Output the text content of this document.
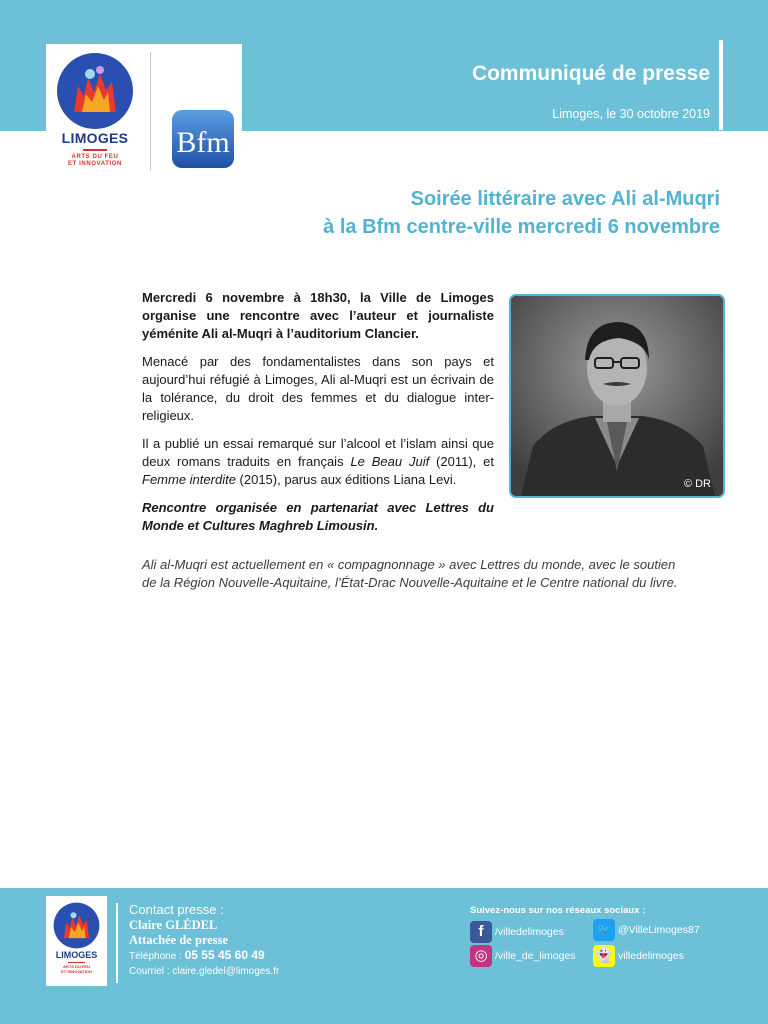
LIMOGES
ARTS DU FEU
ET INNOVATION
Bfm
Communiqué de presse
Limoges, le 30 octobre 2019
Soirée littéraire avec Ali al-Muqri
à la Bfm centre-ville mercredi 6 novembre

Mercredi 6 novembre à 18h30, la Ville de Limoges organise une rencontre avec l’auteur et journaliste yéménite Ali al-Muqri à l’auditorium Clancier.

Menacé par des fondamentalistes dans son pays et aujourd’hui réfugié à Limoges, Ali al-Muqri est un écrivain de la tolérance, du droit des femmes et du dialogue inter-religieux.

Il a publié un essai remarqué sur l’alcool et l’islam ainsi que deux romans traduits en français Le Beau Juif (2011), et Femme interdite (2015), parus aux éditions Liana Levi.

Rencontre organisée en partenariat avec Lettres du Monde et Cultures Maghreb Limousin.

© DR
Ali al-Muqri est actuellement en « compagnonnage » avec Lettres du monde, avec le soutien
de la Région Nouvelle-Aquitaine, l’État-Drac Nouvelle-Aquitaine et le Centre national du livre.
LIMOGES
ARTS DU FEU
ET INNOVATION
Contact presse :
Claire GLÉDEL
Attachée de presse
Téléphone : 05 55 45 60 49
Courriel : claire.gledel@limoges.fr
Suivez-nous sur nos réseaux sociaux :
f	/villedelimoges	🐦 @VilleLimoges87
◎ /ville_de_limoges 👻 villedelimoges
